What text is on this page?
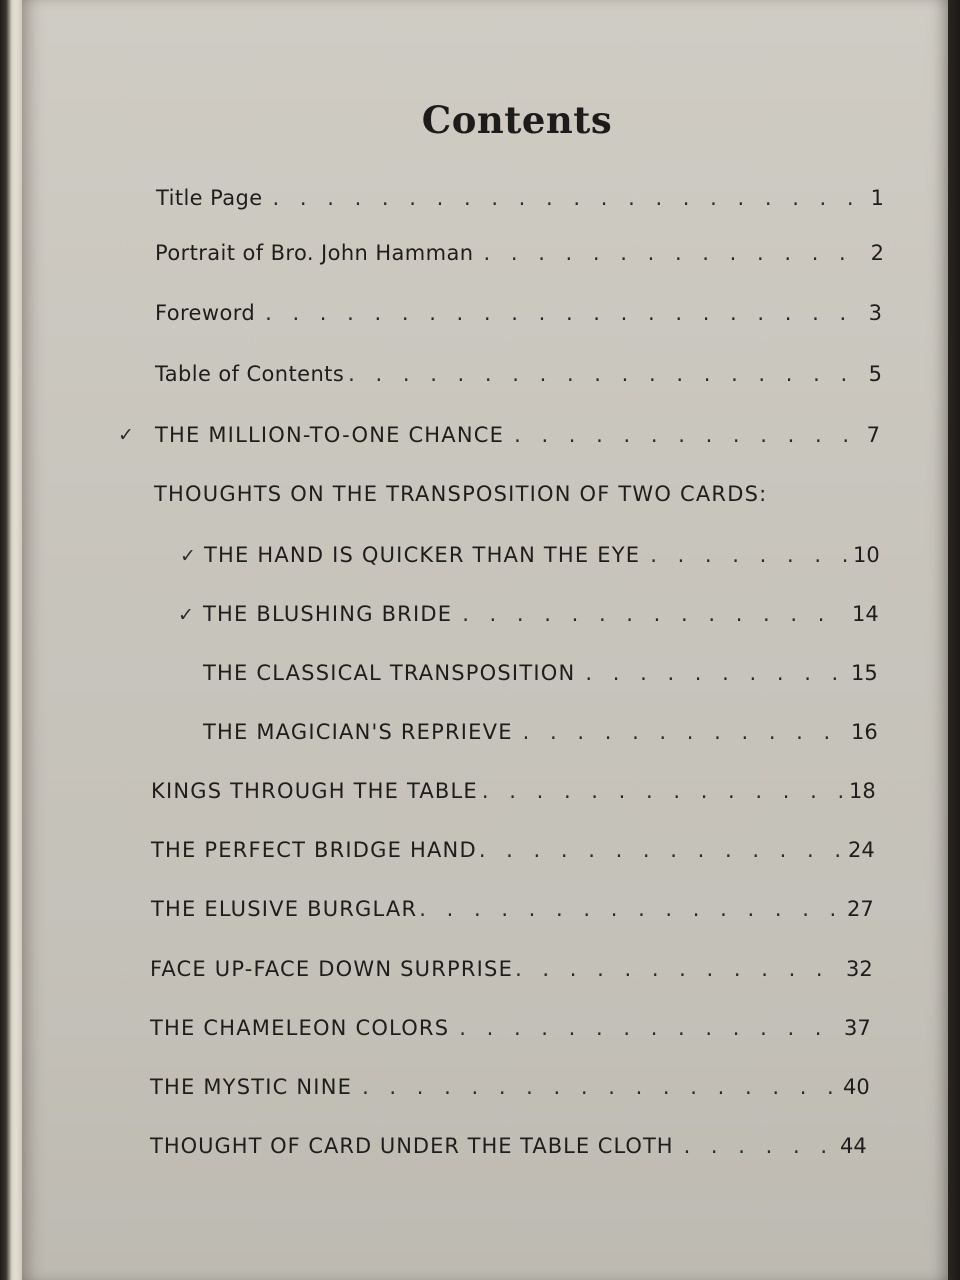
Contents
Title Page . . .	1
Portrait of Bro. John Hamman . . .	2
Foreword . . .	3
Table of Contents . . .	5
✓ THE MILLION-TO-ONE CHANCE . . .	7
THOUGHTS ON THE TRANSPOSITION OF TWO CARDS:
✓ THE HAND IS QUICKER THAN THE EYE . . .	10
✓ THE BLUSHING BRIDE . . .	14
THE CLASSICAL TRANSPOSITION . . .	15
THE MAGICIAN'S REPRIEVE . . .	16
KINGS THROUGH THE TABLE . . .	18
THE PERFECT BRIDGE HAND . . .	24
THE ELUSIVE BURGLAR . . .	27
FACE UP-FACE DOWN SURPRISE . . .	32
THE CHAMELEON COLORS . . .	37
THE MYSTIC NINE . . .	40
THOUGHT OF CARD UNDER THE TABLE CLOTH . . .	44
